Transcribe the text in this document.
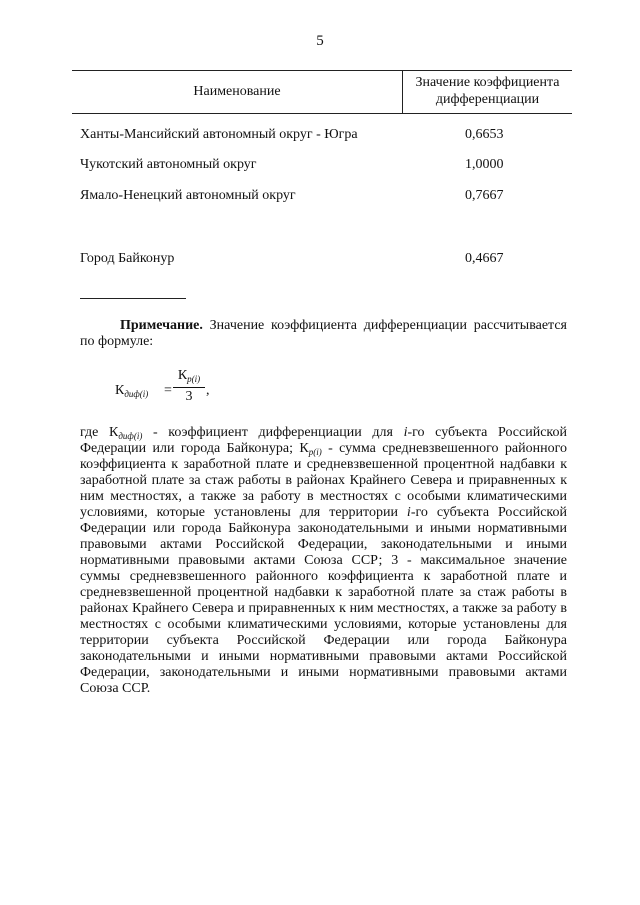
5
Наименование
Значение коэффициента
дифференциации
Ханты-Мансийский автономный округ - Югра	0,6653
Чукотский автономный округ	1,0000
Ямало-Ненецкий автономный округ	0,7667
Город Байконур	0,4667
Примечание. Значение коэффициента дифференциации рассчитывается по формуле:
$К_{диф(i)}$ =
$К_{р(i)}$
3 ,
где $К_{диф(i)}$ - коэффициент дифференциации для i-го субъекта Российской Федерации или города Байконура; $К_{р(i)}$ - сумма средневзвешенного районного коэффициента к заработной плате и средневзвешенной процентной надбавки к заработной плате за стаж работы в районах Крайнего Севера и приравненных к ним местностях, а также за работу в местностях с особыми климатическими условиями, которые установлены для территории i-го субъекта Российской Федерации или города Байконура законодательными и иными нормативными правовыми актами Российской Федерации, законодательными и иными нормативными правовыми актами Союза ССР; 3 - максимальное значение суммы средневзвешенного районного коэффициента к заработной плате и средневзвешенной процентной надбавки к заработной плате за стаж работы в районах Крайнего Севера и приравненных к ним местностях, а также за работу в местностях с особыми климатическими условиями, которые установлены для территории субъекта Российской Федерации или города Байконура законодательными и иными нормативными правовыми актами Российской Федерации, законодательными и иными нормативными правовыми актами Союза ССР.
